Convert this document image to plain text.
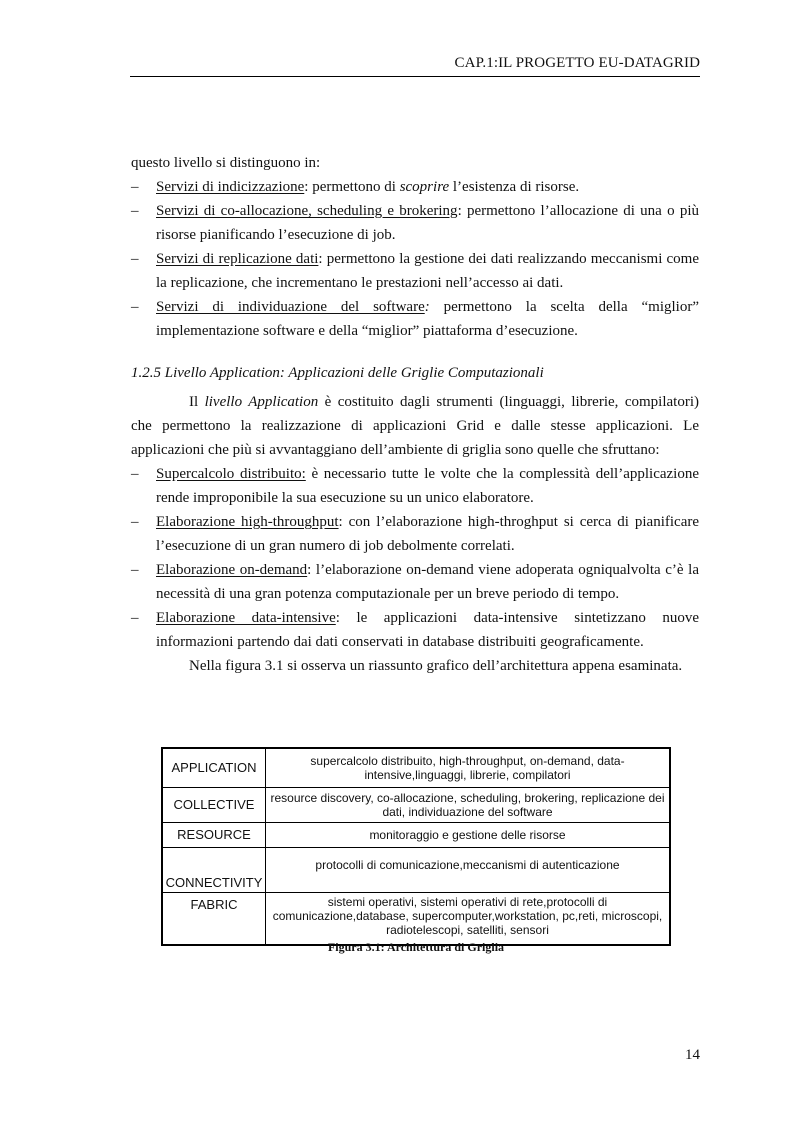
CAP.1:IL PROGETTO EU-DATAGRID

questo livello si distinguono in:

– Servizi di indicizzazione: permettono di scoprire l’esistenza di risorse.
– Servizi di co-allocazione, scheduling e brokering: permettono l’allocazione di una o più risorse pianificando l’esecuzione di job.
– Servizi di replicazione dati: permettono la gestione dei dati realizzando meccanismi come la replicazione, che incrementano le prestazioni nell’accesso ai dati.
– Servizi di individuazione del software: permettono la scelta della “miglior” implementazione software e della “miglior” piattaforma d’esecuzione.

1.2.5 Livello Application: Applicazioni delle Griglie Computazionali

Il livello Application è costituito dagli strumenti (linguaggi, librerie, compilatori) che permettono la realizzazione di applicazioni Grid e dalle stesse applicazioni. Le applicazioni che più si avvantaggiano dell’ambiente di griglia sono quelle che sfruttano:

– Supercalcolo distribuito: è necessario tutte le volte che la complessità dell’applicazione rende improponibile la sua esecuzione su un unico elaboratore.
– Elaborazione high-throughput: con l’elaborazione high-throghput si cerca di pianificare l’esecuzione di un gran numero di job debolmente correlati.
– Elaborazione on-demand: l’elaborazione on-demand viene adoperata ogniqualvolta c’è la necessità di una gran potenza computazionale per un breve periodo di tempo.
– Elaborazione data-intensive: le applicazioni data-intensive sintetizzano nuove informazioni partendo dai dati conservati in database distribuiti geograficamente.

Nella figura 3.1 si osserva un riassunto grafico dell’architettura appena esaminata.

APPLICATION	supercalcolo distribuito, high-throughput, on-demand, data-intensive,linguaggi, librerie, compilatori
COLLECTIVE	resource discovery, co-allocazione, scheduling, brokering, replicazione dei dati, individuazione del software
RESOURCE	monitoraggio e gestione delle risorse
CONNECTIVITY	protocolli di comunicazione,meccanismi di autenticazione
FABRIC	sistemi operativi, sistemi operativi di rete,protocolli di comunicazione,database, supercomputer,workstation, pc,reti, microscopi, radiotelescopi, satelliti, sensori
Figura 3.1: Architettura di Griglia
14
